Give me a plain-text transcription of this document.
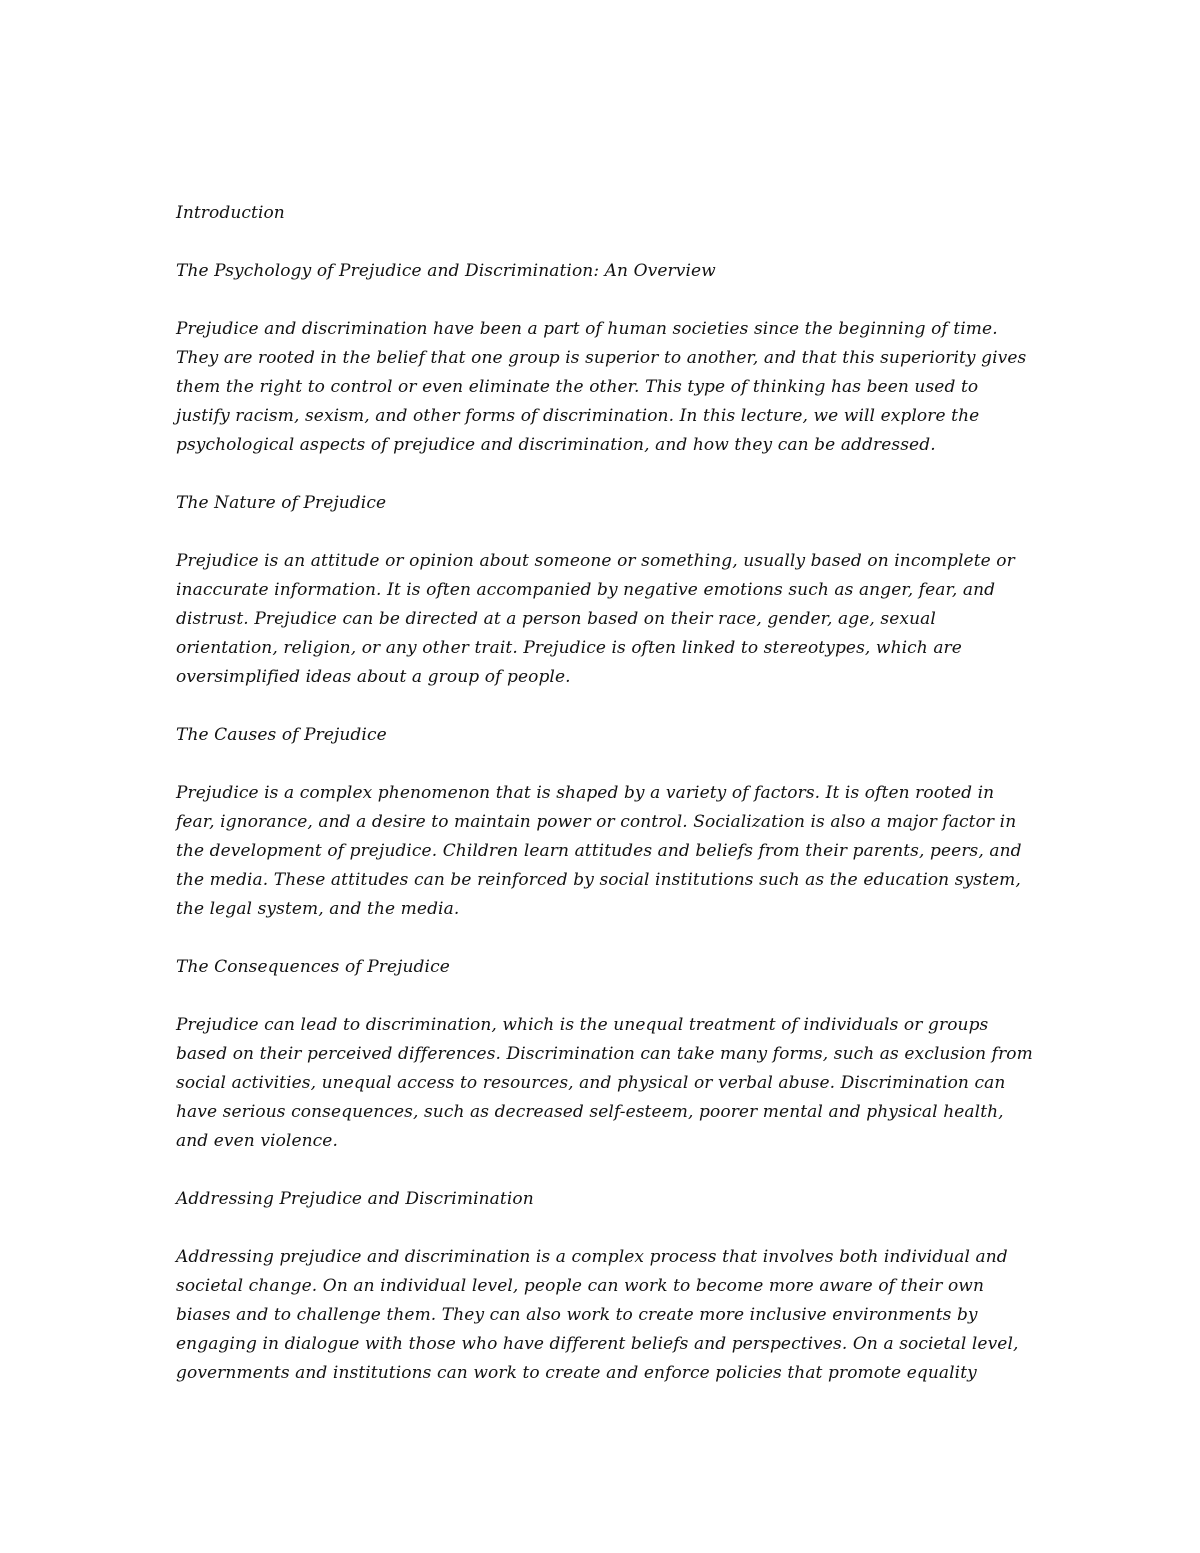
Introduction

The Psychology of Prejudice and Discrimination: An Overview

Prejudice and discrimination have been a part of human societies since the beginning of time. They are rooted in the belief that one group is superior to another, and that this superiority gives them the right to control or even eliminate the other. This type of thinking has been used to justify racism, sexism, and other forms of discrimination. In this lecture, we will explore the psychological aspects of prejudice and discrimination, and how they can be addressed.

The Nature of Prejudice

Prejudice is an attitude or opinion about someone or something, usually based on incomplete or inaccurate information. It is often accompanied by negative emotions such as anger, fear, and distrust. Prejudice can be directed at a person based on their race, gender, age, sexual orientation, religion, or any other trait. Prejudice is often linked to stereotypes, which are oversimplified ideas about a group of people.

The Causes of Prejudice

Prejudice is a complex phenomenon that is shaped by a variety of factors. It is often rooted in fear, ignorance, and a desire to maintain power or control. Socialization is also a major factor in the development of prejudice. Children learn attitudes and beliefs from their parents, peers, and the media. These attitudes can be reinforced by social institutions such as the education system, the legal system, and the media.

The Consequences of Prejudice

Prejudice can lead to discrimination, which is the unequal treatment of individuals or groups based on their perceived differences. Discrimination can take many forms, such as exclusion from social activities, unequal access to resources, and physical or verbal abuse. Discrimination can have serious consequences, such as decreased self-esteem, poorer mental and physical health, and even violence.

Addressing Prejudice and Discrimination

Addressing prejudice and discrimination is a complex process that involves both individual and societal change. On an individual level, people can work to become more aware of their own biases and to challenge them. They can also work to create more inclusive environments by engaging in dialogue with those who have different beliefs and perspectives. On a societal level, governments and institutions can work to create and enforce policies that promote equality
